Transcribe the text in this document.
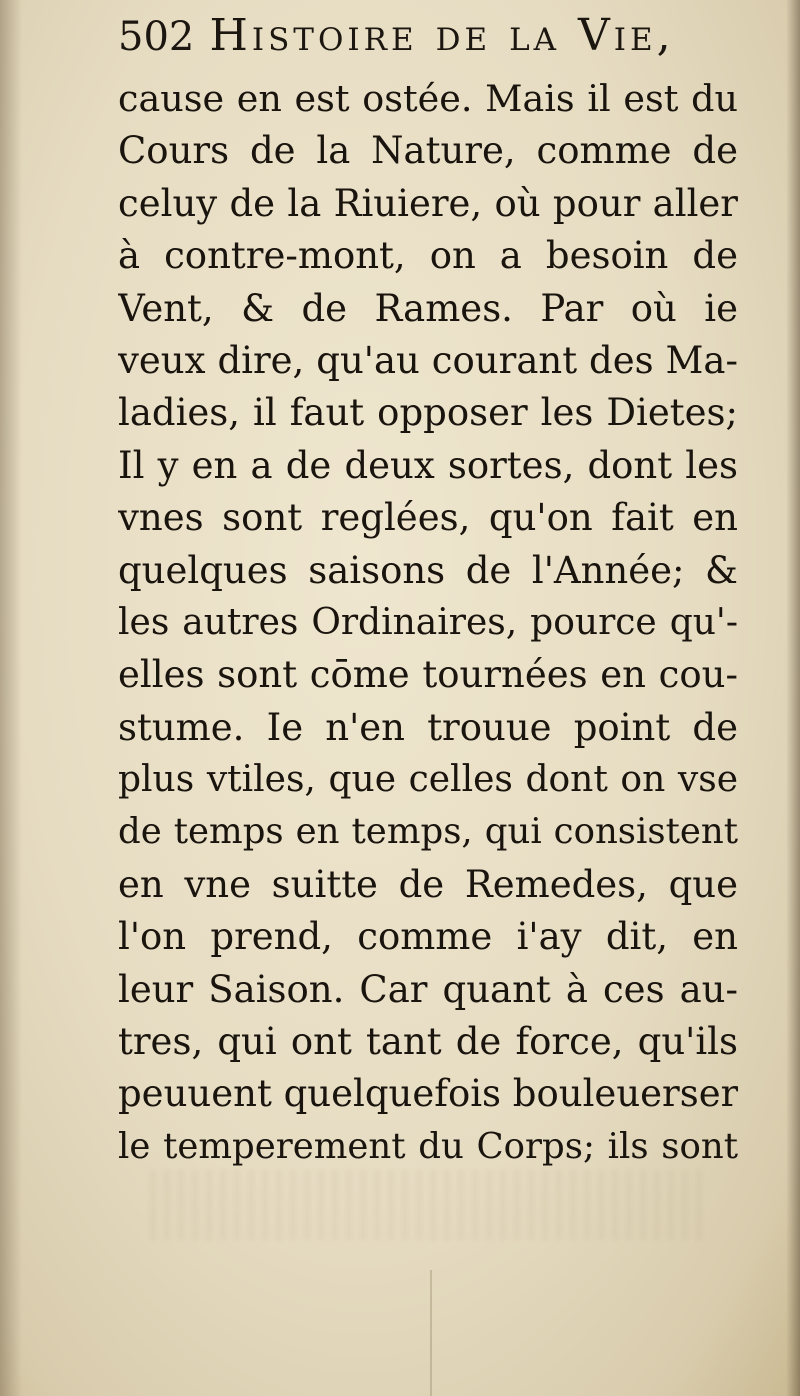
502 Histoire de la Vie,
cause en est ostée. Mais il est du
Cours de la Nature, comme de
celuy de la Riuiere, où pour aller
à contre-mont, on a besoin de
Vent, & de Rames. Par où ie
veux dire, qu'au courant des Ma-
ladies, il faut opposer les Dietes;
Il y en a de deux sortes, dont les
vnes sont reglées, qu'on fait en
quelques saisons de l'Année; &
les autres Ordinaires, pource qu'-
elles sont cōme tournées en cou-
stume. Ie n'en trouue point de
plus vtiles, que celles dont on vse
de temps en temps, qui consistent
en vne suitte de Remedes, que
l'on prend, comme i'ay dit, en
leur Saison. Car quant à ces au-
tres, qui ont tant de force, qu'ils
peuuent quelquefois bouleuerser
le temperement du Corps; ils sont
